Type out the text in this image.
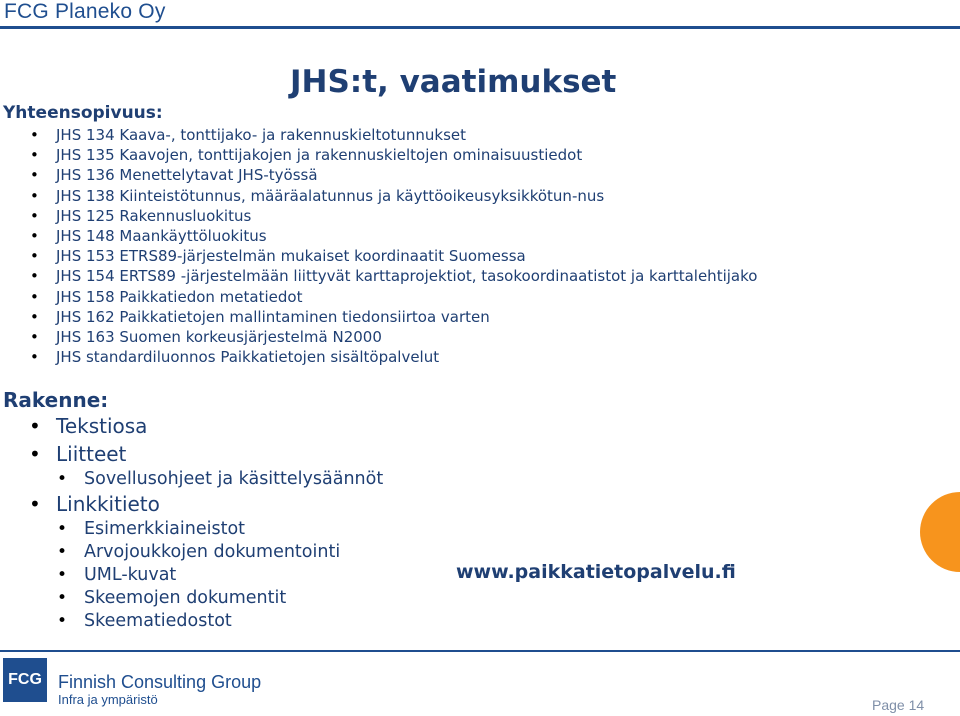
FCG Planeko Oy
JHS:t, vaatimukset
Yhteensopivuus:
• JHS 134 Kaava-, tonttijako- ja rakennuskieltotunnukset
• JHS 135 Kaavojen, tonttijakojen ja rakennuskieltojen ominaisuustiedot
• JHS 136 Menettelytavat JHS-työssä
• JHS 138 Kiinteistötunnus, määräalatunnus ja käyttöoikeusyksikkötun-nus
• JHS 125 Rakennusluokitus
• JHS 148 Maankäyttöluokitus
• JHS 153 ETRS89-järjestelmän mukaiset koordinaatit Suomessa
• JHS 154 ERTS89 -järjestelmään liittyvät karttaprojektiot, tasokoordinaatistot ja karttalehtijako
• JHS 158 Paikkatiedon metatiedot
• JHS 162 Paikkatietojen mallintaminen tiedonsiirtoa varten
• JHS 163 Suomen korkeusjärjestelmä N2000
• JHS standardiluonnos Paikkatietojen sisältöpalvelut
Rakenne:
• Tekstiosa
• Liitteet
• Sovellusohjeet ja käsittelysäännöt
• Linkkitieto
• Esimerkkiaineistot
• Arvojoukkojen dokumentointi
• UML-kuvat
• Skeemojen dokumentit
• Skeematiedostot
www.paikkatietopalvelu.fi
FCG Finnish Consulting Group
Infra ja ympäristö	Page 14
